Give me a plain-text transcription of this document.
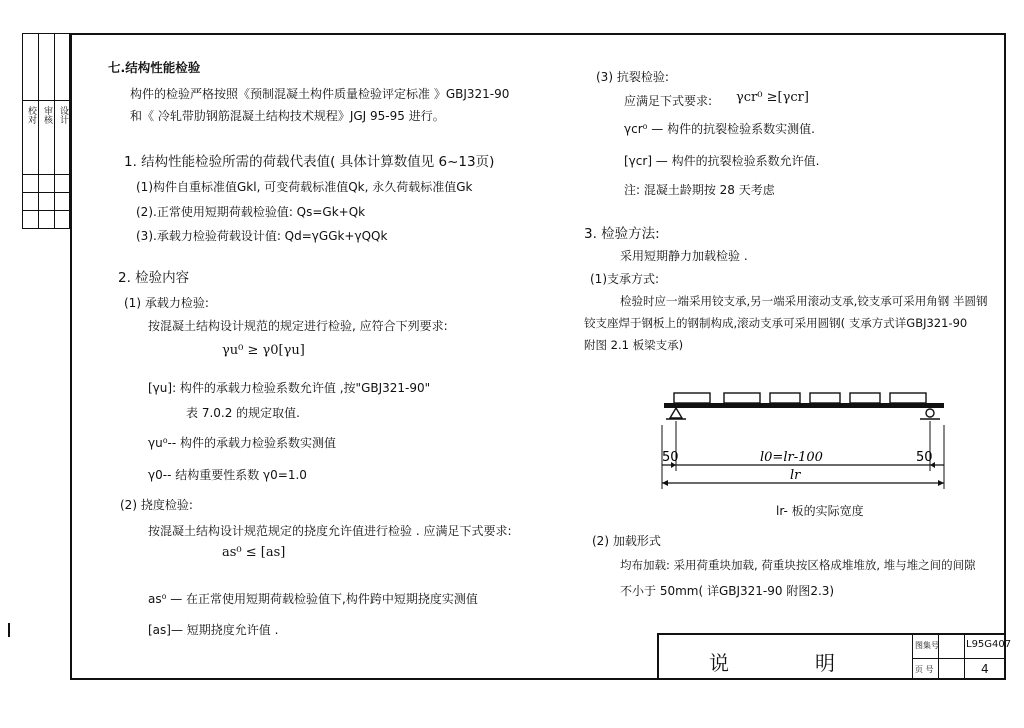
校对 审核 设计
七.结构性能检验
构件的检验严格按照《预制混凝土构件质量检验评定标准 》GBJ321-90
和《 冷轧带肋钢筋混凝土结构技术规程》JGJ 95-95 进行。
1. 结构性能检验所需的荷载代表值( 具体计算数值见 6~13页)
(1)构件自重标准值Gkl, 可变荷载标准值Qk, 永久荷载标准值Gk
(2).正常使用短期荷载检验值: Qs=Gk+Qk
(3).承载力检验荷载设计值: Qd=γGGk+γQQk
2. 检验内容
(1) 承载力检验:
按混凝土结构设计规范的规定进行检验, 应符合下列要求:
γu⁰ ≥ γ0[γu]
[γu]: 构件的承载力检验系数允许值 ,按"GBJ321-90"
表 7.0.2 的规定取值.
γu⁰-- 构件的承载力检验系数实测值
γ0-- 结构重要性系数 γ0=1.0
(2) 挠度检验:
按混凝土结构设计规范规定的挠度允许值进行检验 . 应满足下式要求:
as⁰ ≤ [as]
as⁰ — 在正常使用短期荷载检验值下,构件跨中短期挠度实测值
[as]— 短期挠度允许值 .
(3) 抗裂检验:
应满足下式要求: γcr⁰ ≥[γcr]
γcr⁰ — 构件的抗裂检验系数实测值.
[γcr] — 构件的抗裂检验系数允许值.
注: 混凝土龄期按 28 天考虑
3. 检验方法:
采用短期静力加载检验 .
(1)支承方式:
检验时应一端采用铰支承,另一端采用滚动支承,铰支承可采用角钢 半圆钢
铰支座焊于钢板上的钢制构成,滚动支承可采用圆钢( 支承方式详GBJ321-90
附图 2.1 板梁支承)
50	50
l0=lr-100
lr
lr- 板的实际宽度
(2) 加载形式
均布加载: 采用荷重块加载, 荷重块按区格成堆堆放, 堆与堆之间的间隙
不小于 50mm( 详GBJ321-90 附图2.3)
说	明
图集号	L95G407
页 号	4
